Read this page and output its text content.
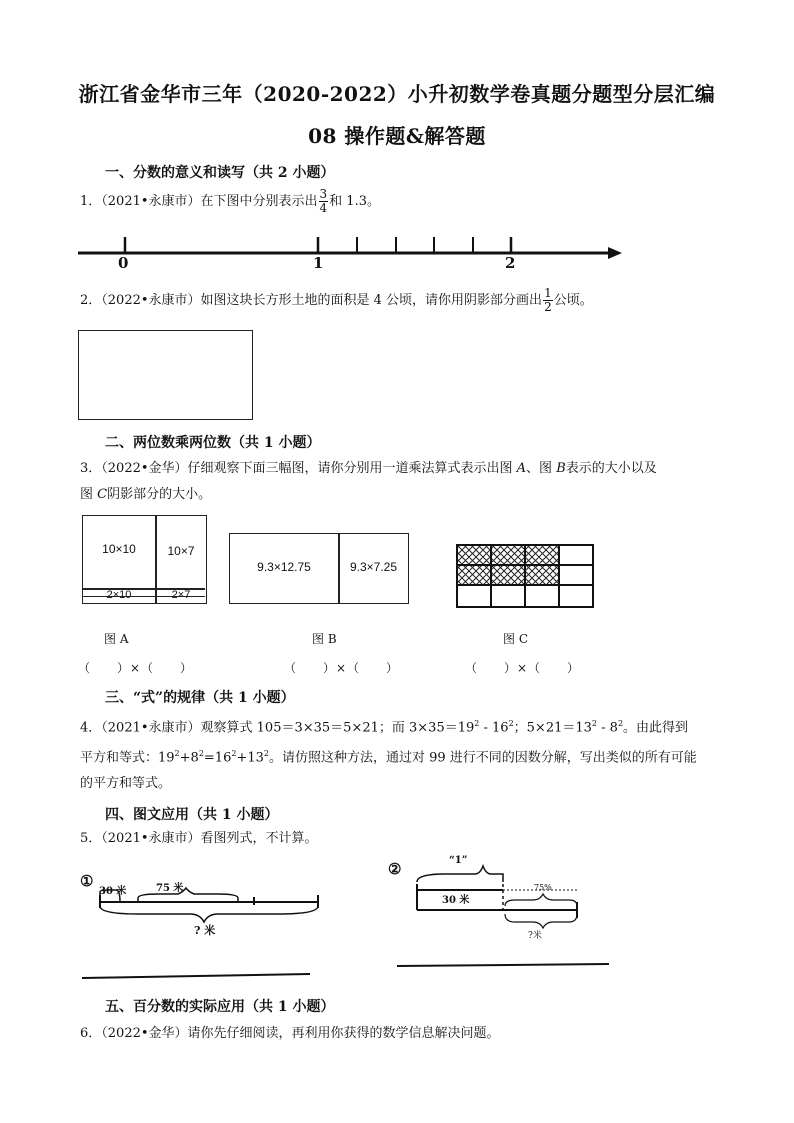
浙江省金华市三年（2020-2022）小升初数学卷真题分题型分层汇编
08 操作题&解答题
一、分数的意义和读写（共 2 小题）
1．（2021•永康市）在下图中分别表示出 $\frac{3}{4}$ 和 1.3。
0	1	2
2．（2022•永康市）如图这块长方形土地的面积是 4 公顷，请你用阴影部分画出 $\frac{1}{2}$ 公顷。
二、两位数乘两位数（共 1 小题）
3．（2022•金华）仔细观察下面三幅图，请你分别用一道乘法算式表示出图 A、图 B表示的大小以及
图 C阴影部分的大小。
10×10	10×7
2×10	2×7
图 A
9.3×12.75	9.3×7.25
图 B	图 C
（　　）×（　　）	（　　）×（　　）	（　　）×（　　）
三、“式”的规律（共 1 小题）
4．（2021•永康市）观察算式 105＝3×35＝5×21；而 $3\times 35=19^2 - 16^2$；$5\times 21=13^2 - 8^2$。由此得到
平方和等式：$19^2+8^2=16^2+13^2$。请仿照这种方法，通过对 99 进行不同的因数分解，写出类似的所有可能
的平方和等式。
四、图文应用（共 1 小题）
5．（2021•永康市）看图列式，不计算。
①
30 米	75 米
? 米
②	“1”
30 米
75%
?米
五、百分数的实际应用（共 1 小题）
6．（2022•金华）请你先仔细阅读，再利用你获得的数学信息解决问题。
